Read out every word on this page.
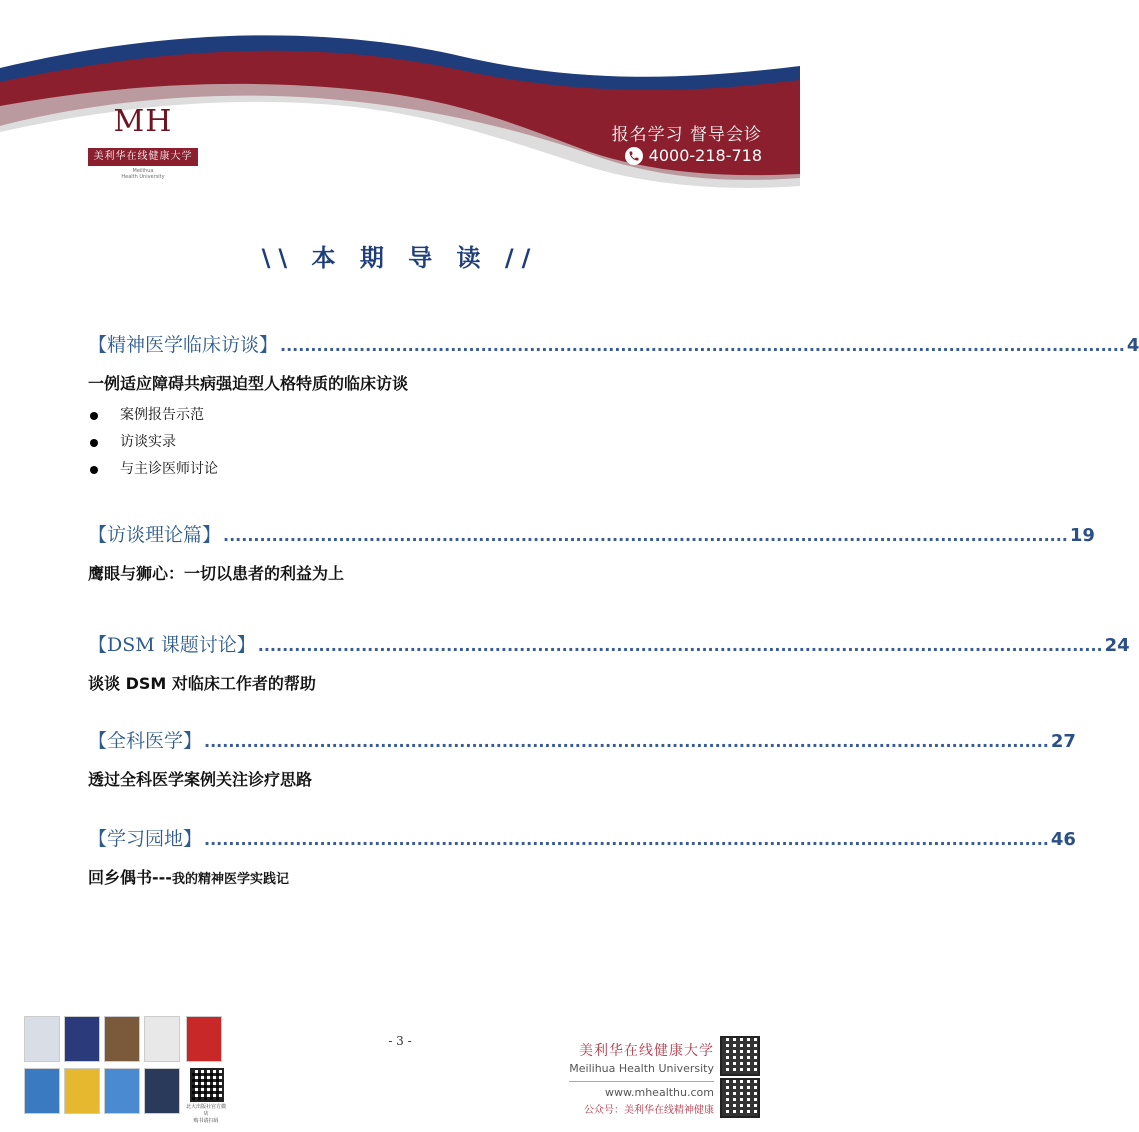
MH
美利华在线健康大学
Meilihua
Health University
报名学习 督导会诊
4000-218-718
\\ 本 期 导 读 //
【精神医学临床访谈】 ........................................................................................................................................... 4
一例适应障碍共病强迫型人格特质的临床访谈
案例报告示范
访谈实录
与主诊医师讨论
【访谈理论篇】 ........................................................................................................................................... 19
鹰眼与狮心：一切以患者的利益为上
【DSM 课题讨论】 ........................................................................................................................................... 24
谈谈 DSM 对临床工作者的帮助
【全科医学】 ........................................................................................................................................... 27
透过全科医学案例关注诊疗思路
【学习园地】 ........................................................................................................................................... 46
回乡偶书---我的精神医学实践记
北大出版社官方微店
购书请扫码
- 3 -
美利华在线健康大学
Meilihua Health University
www.mhealthu.com
公众号：美利华在线精神健康
